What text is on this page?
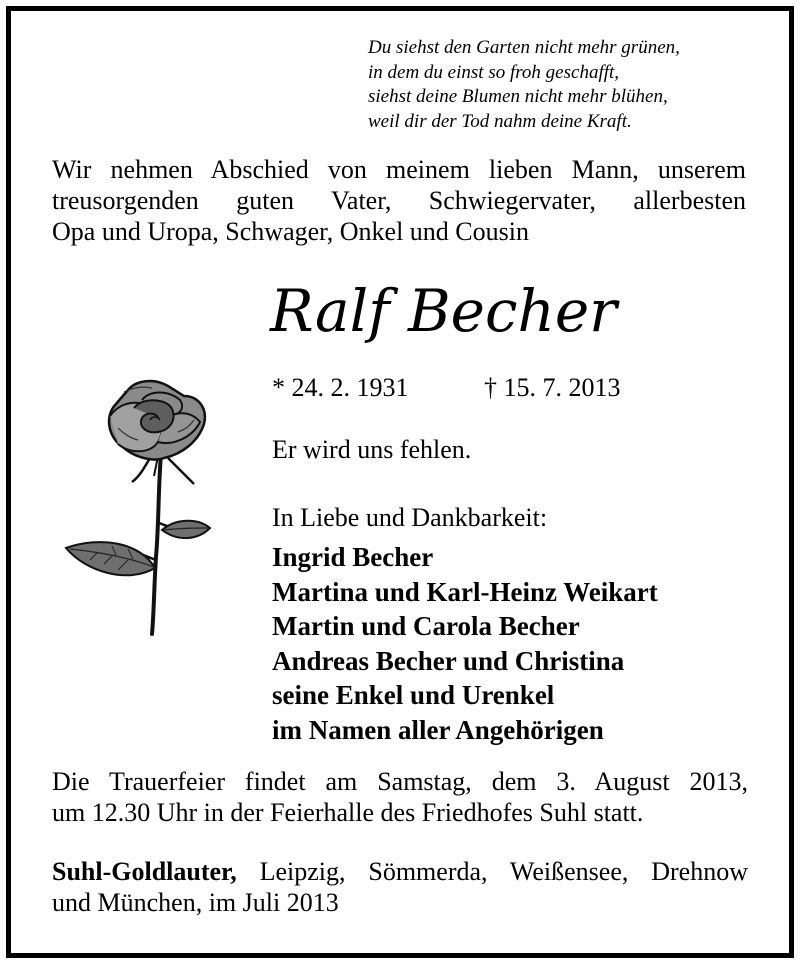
Du siehst den Garten nicht mehr grünen,
in dem du einst so froh geschafft,
siehst deine Blumen nicht mehr blühen,
weil dir der Tod nahm deine Kraft.
Wir nehmen Abschied von meinem lieben Mann, unserem
treusorgenden guten Vater, Schwiegervater, allerbesten
Opa und Uropa, Schwager, Onkel und Cousin
Ralf Becher
* 24. 2. 1931	† 15. 7. 2013
Er wird uns fehlen.
In Liebe und Dankbarkeit:
Ingrid Becher
Martina und Karl-Heinz Weikart
Martin und Carola Becher
Andreas Becher und Christina
seine Enkel und Urenkel
im Namen aller Angehörigen
Die Trauerfeier findet am Samstag, dem 3. August 2013,
um 12.30 Uhr in der Feierhalle des Friedhofes Suhl statt.
Suhl-Goldlauter, Leipzig, Sömmerda, Weißensee, Drehnow
und München, im Juli 2013
